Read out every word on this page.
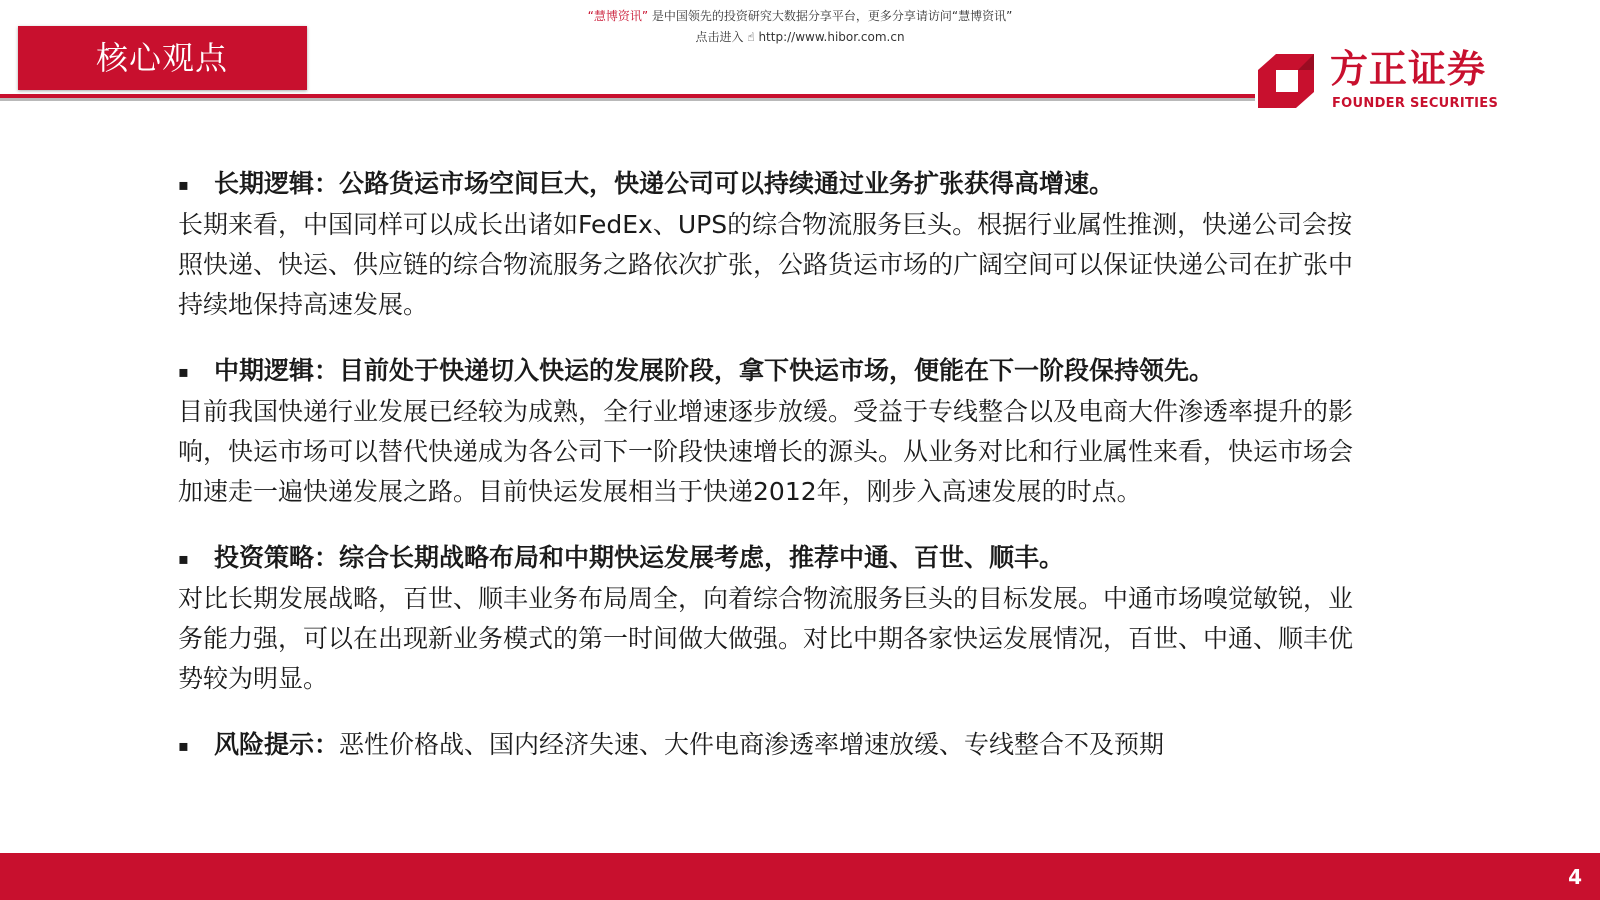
“慧博资讯” 是中国领先的投资研究大数据分享平台，更多分享请访问“慧博资讯”
点击进入 ☝ http://www.hibor.com.cn
核心观点	方正证券
FOUNDER SECURITIES
▪ 长期逻辑：公路货运市场空间巨大，快递公司可以持续通过业务扩张获得高增速。
长期来看，中国同样可以成长出诸如FedEx、UPS的综合物流服务巨头。根据行业属性推测，快递公司会按照快递、快运、供应链的综合物流服务之路依次扩张，公路货运市场的广阔空间可以保证快递公司在扩张中持续地保持高速发展。
▪ 中期逻辑：目前处于快递切入快运的发展阶段，拿下快运市场，便能在下一阶段保持领先。
目前我国快递行业发展已经较为成熟，全行业增速逐步放缓。受益于专线整合以及电商大件渗透率提升的影响，快运市场可以替代快递成为各公司下一阶段快速增长的源头。从业务对比和行业属性来看，快运市场会加速走一遍快递发展之路。目前快运发展相当于快递2012年，刚步入高速发展的时点。
▪ 投资策略：综合长期战略布局和中期快运发展考虑，推荐中通、百世、顺丰。
对比长期发展战略，百世、顺丰业务布局周全，向着综合物流服务巨头的目标发展。中通市场嗅觉敏锐，业务能力强，可以在出现新业务模式的第一时间做大做强。对比中期各家快运发展情况，百世、中通、顺丰优势较为明显。
▪ 风险提示：恶性价格战、国内经济失速、大件电商渗透率增速放缓、专线整合不及预期
4
